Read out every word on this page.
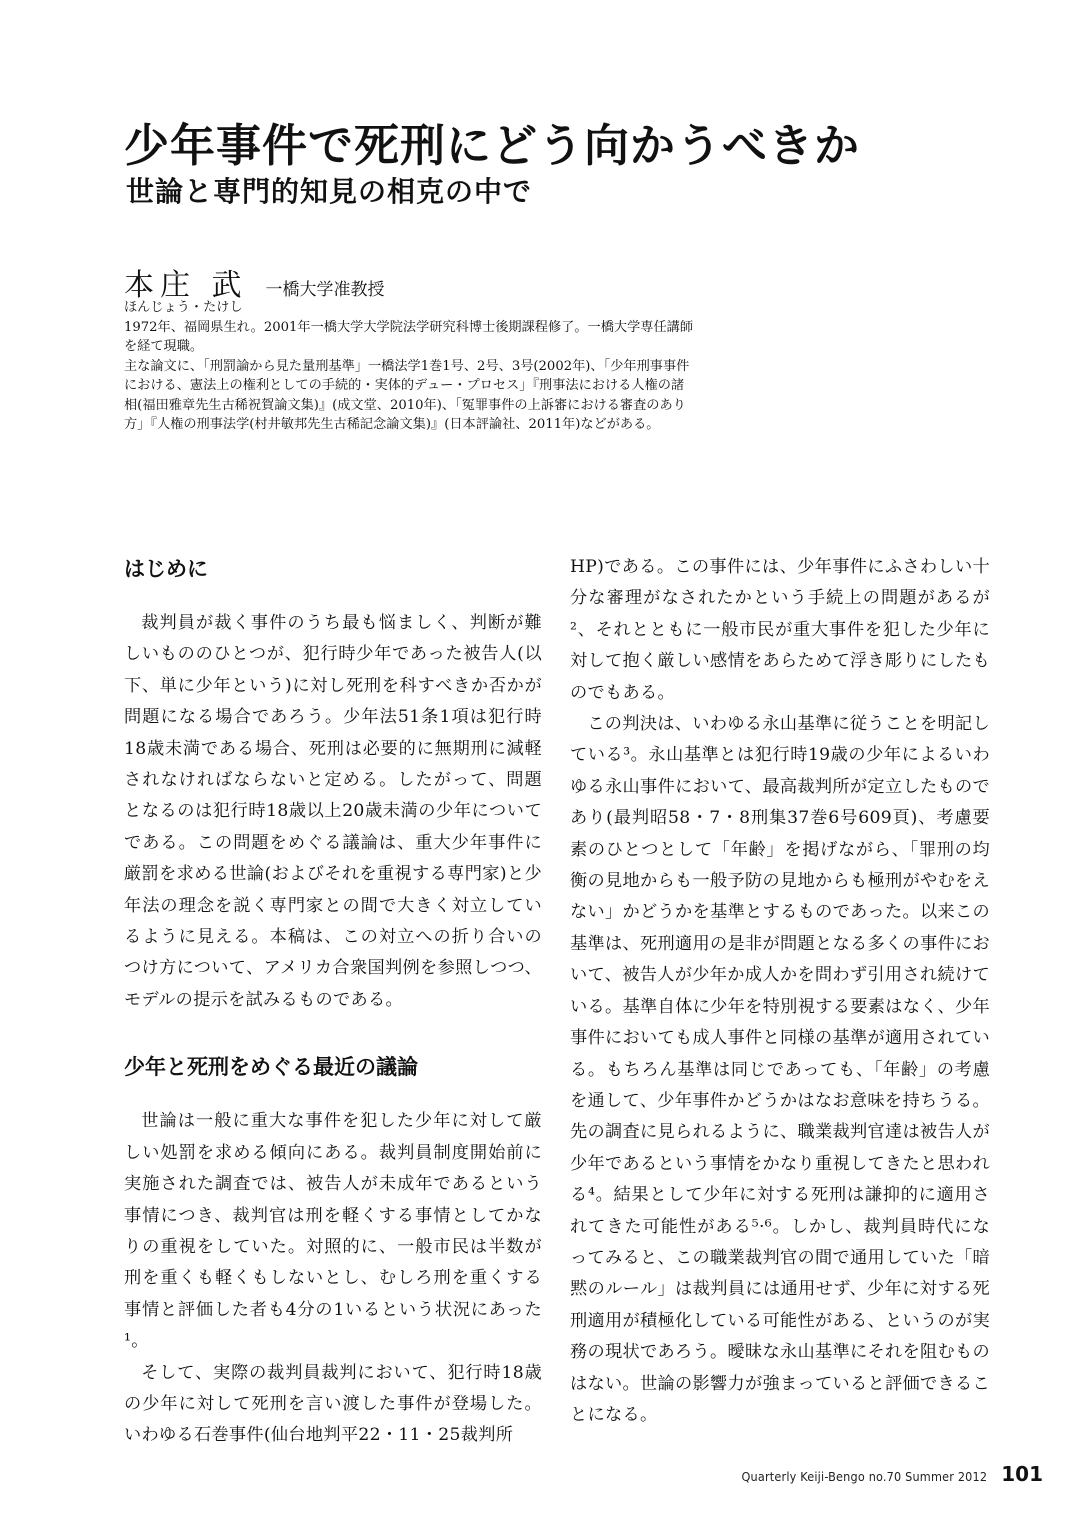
少年事件で死刑にどう向かうべきか
世論と専門的知見の相克の中で
本庄 武 一橋大学准教授

ほんじょう・たけし

1972年、福岡県生れ。2001年一橋大学大学院法学研究科博士後期課程修了。一橋大学専任講師を経て現職。

主な論文に、「刑罰論から見た量刑基準」一橋法学1巻1号、2号、3号(2002年)、「少年刑事事件における、憲法上の権利としての手続的・実体的デュー・プロセス」『刑事法における人権の諸相(福田雅章先生古稀祝賀論文集)』(成文堂、2010年)、「冤罪事件の上訴審における審査のあり方」『人権の刑事法学(村井敏邦先生古稀記念論文集)』(日本評論社、2011年)などがある。

はじめに

裁判員が裁く事件のうち最も悩ましく、判断が難しいもののひとつが、犯行時少年であった被告人(以下、単に少年という)に対し死刑を科すべきか否かが問題になる場合であろう。少年法51条1項は犯行時18歳未満である場合、死刑は必要的に無期刑に減軽されなければならないと定める。したがって、問題となるのは犯行時18歳以上20歳未満の少年についてである。この問題をめぐる議論は、重大少年事件に厳罰を求める世論(およびそれを重視する専門家)と少年法の理念を説く専門家との間で大きく対立しているように見える。本稿は、この対立への折り合いのつけ方について、アメリカ合衆国判例を参照しつつ、モデルの提示を試みるものである。

少年と死刑をめぐる最近の議論

世論は一般に重大な事件を犯した少年に対して厳しい処罰を求める傾向にある。裁判員制度開始前に実施された調査では、被告人が未成年であるという事情につき、裁判官は刑を軽くする事情としてかなりの重視をしていた。対照的に、一般市民は半数が刑を重くも軽くもしないとし、むしろ刑を重くする事情と評価した者も4分の1いるという状況にあった¹。

そして、実際の裁判員裁判において、犯行時18歳の少年に対して死刑を言い渡した事件が登場した。いわゆる石巻事件(仙台地判平22・11・25裁判所

HP)である。この事件には、少年事件にふさわしい十分な審理がなされたかという手続上の問題があるが²、それとともに一般市民が重大事件を犯した少年に対して抱く厳しい感情をあらためて浮き彫りにしたものでもある。

この判決は、いわゆる永山基準に従うことを明記している³。永山基準とは犯行時19歳の少年によるいわゆる永山事件において、最高裁判所が定立したものであり(最判昭58・7・8刑集37巻6号609頁)、考慮要素のひとつとして「年齢」を掲げながら、「罪刑の均衡の見地からも一般予防の見地からも極刑がやむをえない」かどうかを基準とするものであった。以来この基準は、死刑適用の是非が問題となる多くの事件において、被告人が少年か成人かを問わず引用され続けている。基準自体に少年を特別視する要素はなく、少年事件においても成人事件と同様の基準が適用されている。もちろん基準は同じであっても、「年齢」の考慮を通して、少年事件かどうかはなお意味を持ちうる。先の調査に見られるように、職業裁判官達は被告人が少年であるという事情をかなり重視してきたと思われる⁴。結果として少年に対する死刑は謙抑的に適用されてきた可能性がある⁵·⁶。しかし、裁判員時代になってみると、この職業裁判官の間で通用していた「暗黙のルール」は裁判員には通用せず、少年に対する死刑適用が積極化している可能性がある、というのが実務の現状であろう。曖昧な永山基準にそれを阻むものはない。世論の影響力が強まっていると評価できることになる。

Quarterly Keiji-Bengo no.70 Summer 2012 101
